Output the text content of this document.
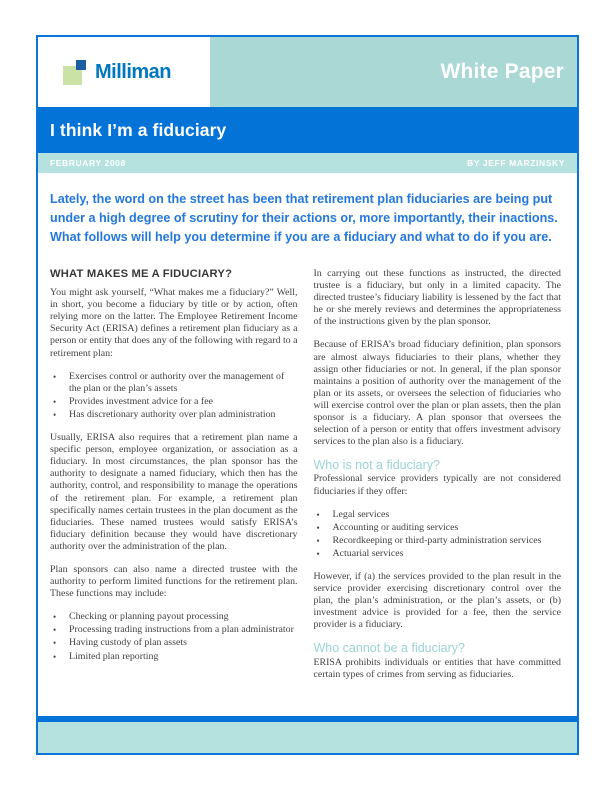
Milliman	White Paper
I think I’m a fiduciary
FEBRUARY 2008	BY JEFF MARZINSKY
Lately, the word on the street has been that retirement plan fiduciaries are being put under a high degree of scrutiny for their actions or, more importantly, their inactions. What follows will help you determine if you are a fiduciary and what to do if you are.
WHAT MAKES ME A FIDUCIARY?

You might ask yourself, “What makes me a fiduciary?” Well, in short, you become a fiduciary by title or by action, often relying more on the latter. The Employee Retirement Income Security Act (ERISA) defines a retirement plan fiduciary as a person or entity that does any of the following with regard to a retirement plan:

• Exercises control or authority over the management of the plan or the plan’s assets
• Provides investment advice for a fee
• Has discretionary authority over plan administration

Usually, ERISA also requires that a retirement plan name a specific person, employee organization, or association as a fiduciary. In most circumstances, the plan sponsor has the authority to designate a named fiduciary, which then has the authority, control, and responsibility to manage the operations of the retirement plan. For example, a retirement plan specifically names certain trustees in the plan document as the fiduciaries. These named trustees would satisfy ERISA’s fiduciary definition because they would have discretionary authority over the administration of the plan.

Plan sponsors can also name a directed trustee with the authority to perform limited functions for the retirement plan. These functions may include:

• Checking or planning payout processing
• Processing trading instructions from a plan administrator
• Having custody of plan assets
• Limited plan reporting

In carrying out these functions as instructed, the directed trustee is a fiduciary, but only in a limited capacity. The directed trustee’s fiduciary liability is lessened by the fact that he or she merely reviews and determines the appropriateness of the instructions given by the plan sponsor.

Because of ERISA’s broad fiduciary definition, plan sponsors are almost always fiduciaries to their plans, whether they assign other fiduciaries or not. In general, if the plan sponsor maintains a position of authority over the management of the plan or its assets, or oversees the selection of fiduciaries who will exercise control over the plan or plan assets, then the plan sponsor is a fiduciary. A plan sponsor that oversees the selection of a person or entity that offers investment advisory services to the plan also is a fiduciary.

Who is not a fiduciary?

Professional service providers typically are not considered fiduciaries if they offer:

• Legal services
• Accounting or auditing services
• Recordkeeping or third-party administration services
• Actuarial services

However, if (a) the services provided to the plan result in the service provider exercising discretionary control over the plan, the plan’s administration, or the plan’s assets, or (b) investment advice is provided for a fee, then the service provider is a fiduciary.

Who cannot be a fiduciary?

ERISA prohibits individuals or entities that have committed certain types of crimes from serving as fiduciaries.
